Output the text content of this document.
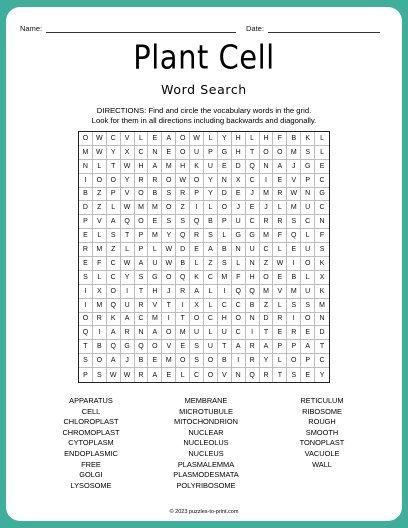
Name:	Date:
Plant Cell
Word Search
DIRECTIONS: Find and circle the vocabulary words in the grid.
Look for them in all directions including backwards and diagonally.
O	W	C	V	L	E	A	O	W	L	Y	H	L	H	F	B	K	L
M	W	Y	X	C	N	E	O	U	P	G	H	T	O	O	M	S	L
N	L	T	W	H	A	M	H	K	U	E	D	Q	N	A	J	G	E
I	O	O	Y	R	R	O	W	O	Y	N	X	C	I	E	V	P	C
B	Z	P	V	O	B	S	R	P	Y	D	E	J	M	R	W	N	G
D	Z	L	W	M	M	O	Z	I	L	O	J	E	J	L	M	U	C
P	V	A	Q	O	E	S	S	Q	B	P	U	C	R	R	S	C	N
E	L	S	T	P	M	Y	Q	R	S	L	G	G	M	F	Q	L	F
R	M	Z	L	P	L	W	D	E	A	B	N	U	C	L	E	U	S
E	F	C	W	A	U	W	B	L	Z	S	L	N	Z	W	I	O	K
S	L	C	Y	S	G	O	Q	K	C	M	F	H	O	E	B	L	X
I	X	O	I	T	H	J	R	A	L	I	Q	Q	M	V	M	U	K
I	M	Q	U	R	V	T	I	X	L	C	C	B	Z	L	S	S	M
O	R	K	A	C	M	I	T	O	C	H	O	N	D	R	I	O	N
Q	I	A	R	N	A	O	M	U	L	U	C	I	T	E	R	E	D
T	B	Q	G	Q	O	V	E	S	U	T	A	R	A	P	P	A	T
S	O	A	J	B	E	M	O	S	O	B	I	R	Y	L	O	P	C
P	S	W	W	R	A	E	L	C	O	V	N	Q	R	T	S	E	Y
APPARATUS
CELL
CHLOROPLAST
CHROMOPLAST
CYTOPLASM
ENDOPLASMIC
FREE
GOLGI
LYSOSOME
MEMBRANE
MICROTUBULE
MITOCHONDRION
NUCLEAR
NUCLEOLUS
NUCLEUS
PLASMALEMMA
PLASMODESMATA
POLYRIBOSOME
RETICULUM
RIBOSOME
ROUGH
SMOOTH
TONOPLAST
VACUOLE
WALL
© 2023 puzzles-to-print.com
